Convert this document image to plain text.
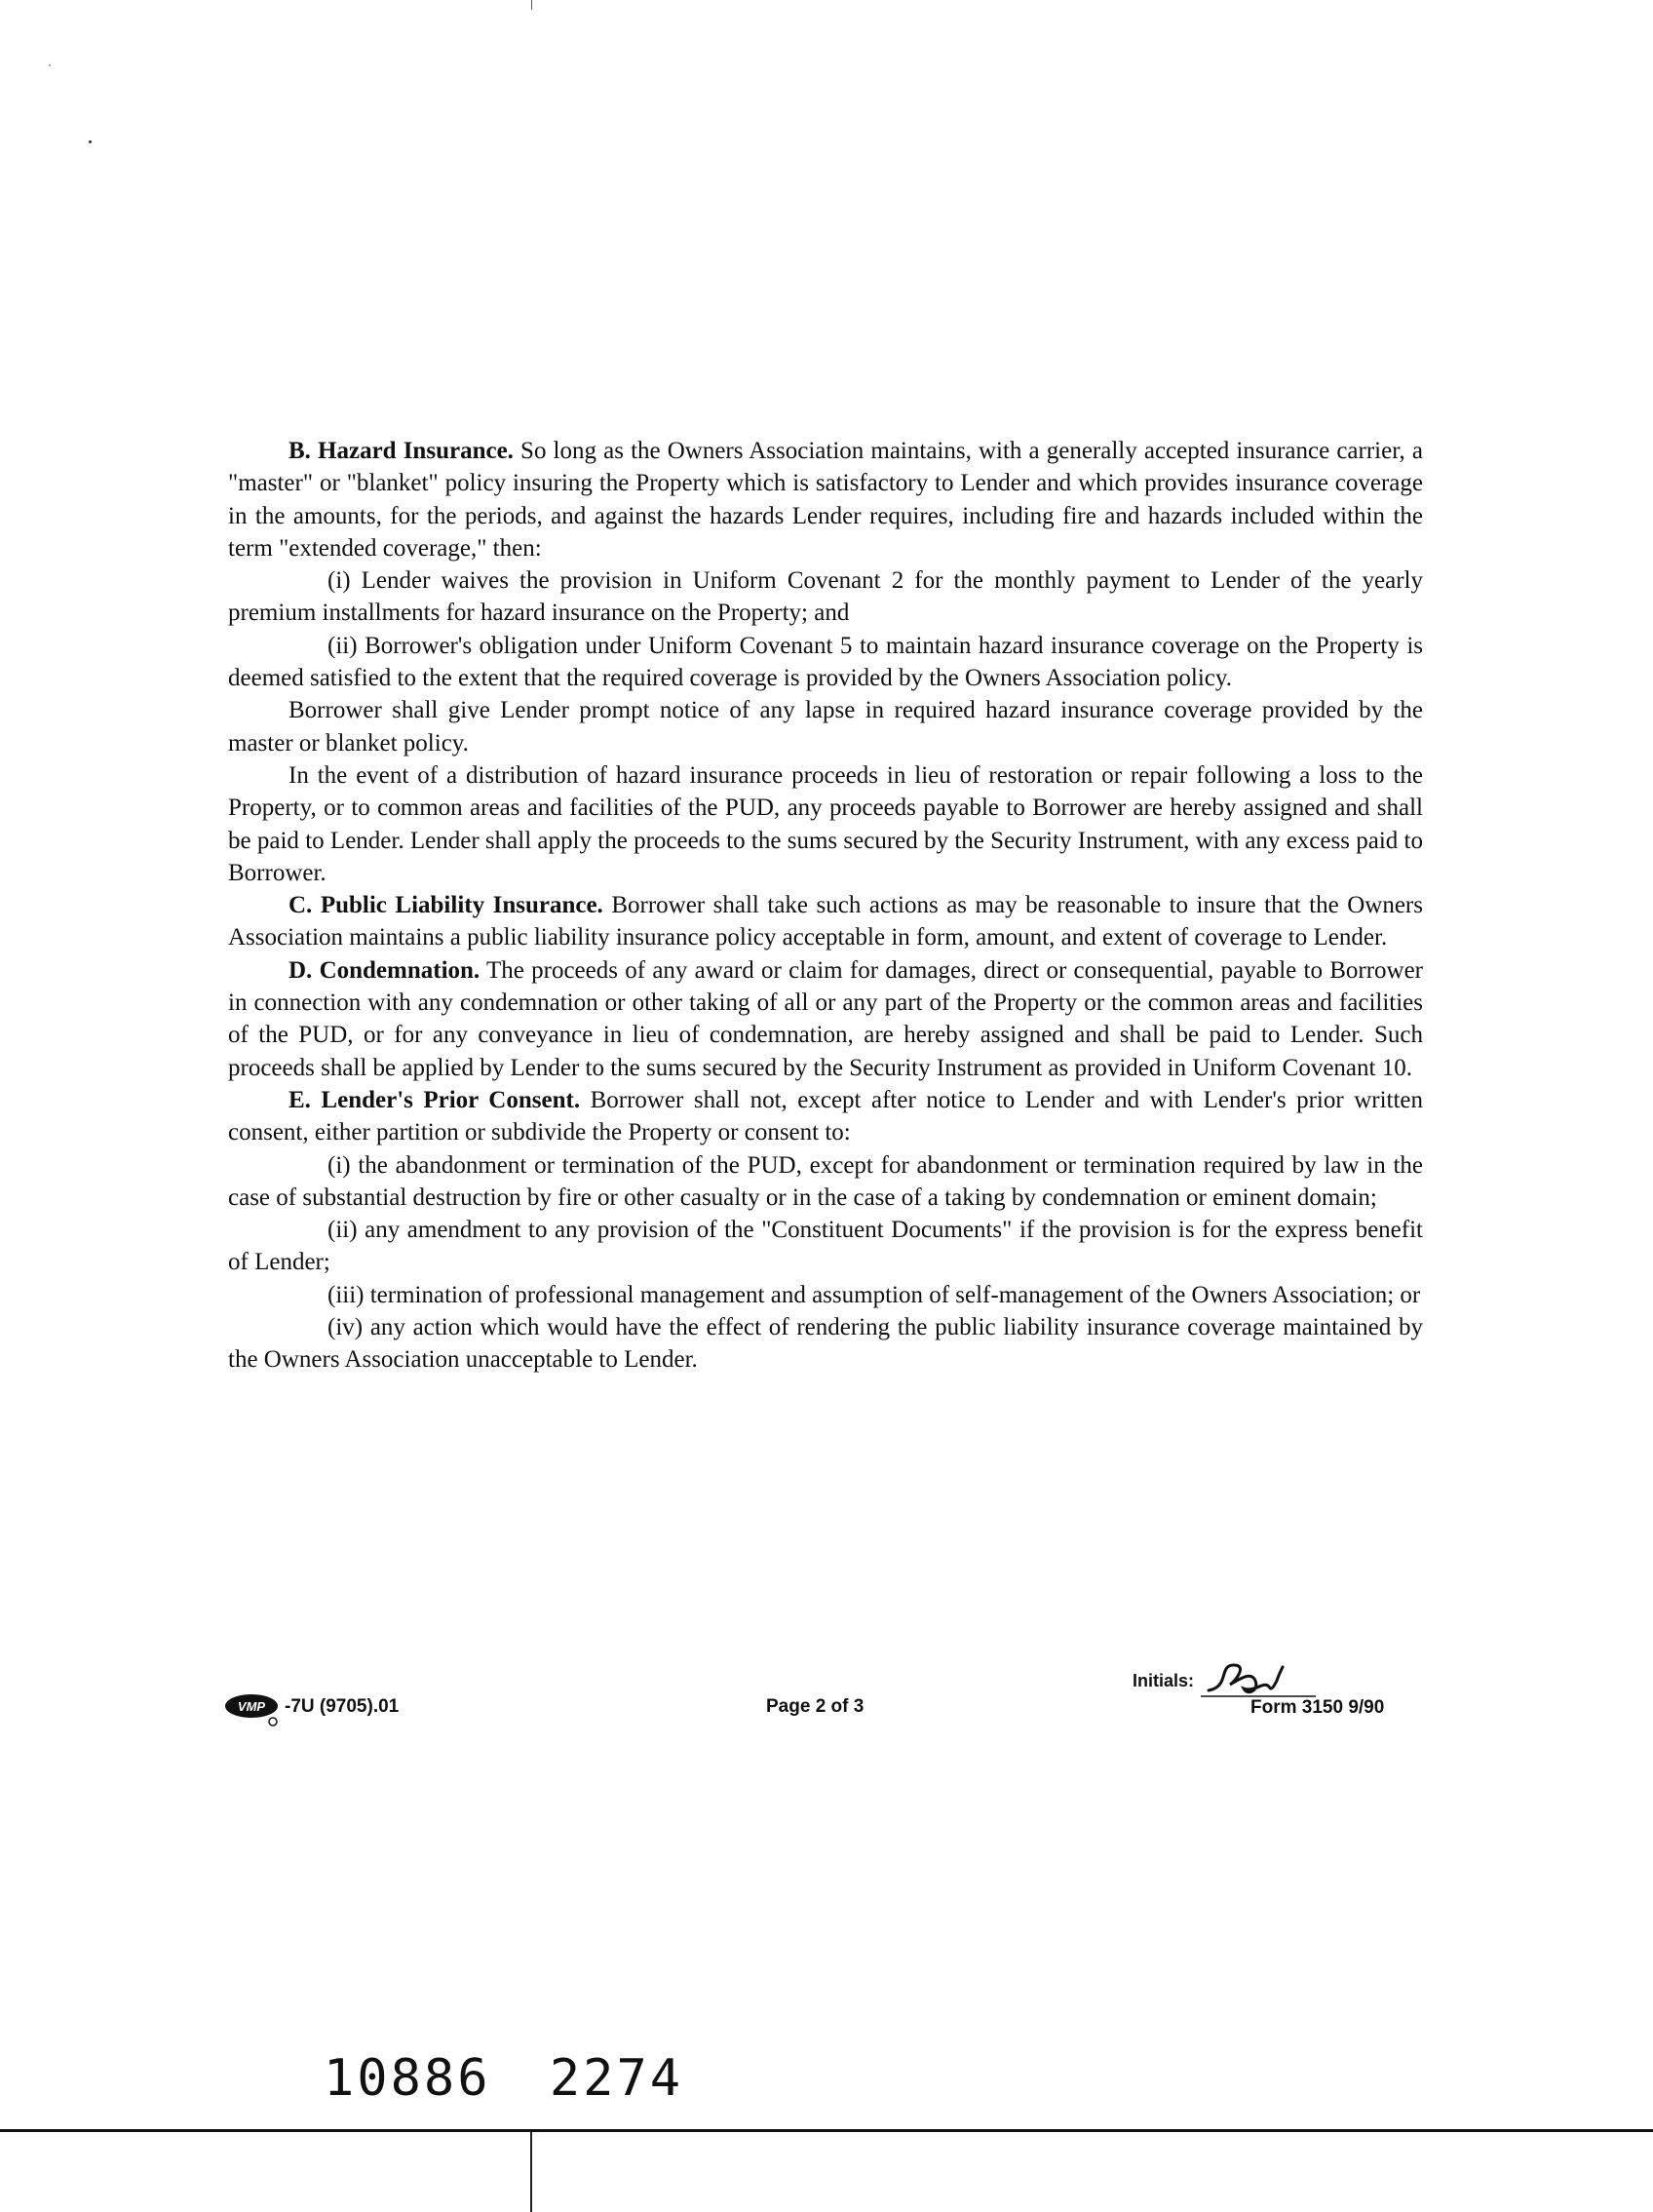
B. Hazard Insurance. So long as the Owners Association maintains, with a generally accepted insurance carrier, a "master" or "blanket" policy insuring the Property which is satisfactory to Lender and which provides insurance coverage in the amounts, for the periods, and against the hazards Lender requires, including fire and hazards included within the term "extended coverage," then:

(i) Lender waives the provision in Uniform Covenant 2 for the monthly payment to Lender of the yearly premium installments for hazard insurance on the Property; and

(ii) Borrower's obligation under Uniform Covenant 5 to maintain hazard insurance coverage on the Property is deemed satisfied to the extent that the required coverage is provided by the Owners Association policy.

Borrower shall give Lender prompt notice of any lapse in required hazard insurance coverage provided by the master or blanket policy.

In the event of a distribution of hazard insurance proceeds in lieu of restoration or repair following a loss to the Property, or to common areas and facilities of the PUD, any proceeds payable to Borrower are hereby assigned and shall be paid to Lender. Lender shall apply the proceeds to the sums secured by the Security Instrument, with any excess paid to Borrower.

C. Public Liability Insurance. Borrower shall take such actions as may be reasonable to insure that the Owners Association maintains a public liability insurance policy acceptable in form, amount, and extent of coverage to Lender.

D. Condemnation. The proceeds of any award or claim for damages, direct or consequential, payable to Borrower in connection with any condemnation or other taking of all or any part of the Property or the common areas and facilities of the PUD, or for any conveyance in lieu of condemnation, are hereby assigned and shall be paid to Lender. Such proceeds shall be applied by Lender to the sums secured by the Security Instrument as provided in Uniform Covenant 10.

E. Lender's Prior Consent. Borrower shall not, except after notice to Lender and with Lender's prior written consent, either partition or subdivide the Property or consent to:

(i) the abandonment or termination of the PUD, except for abandonment or termination required by law in the case of substantial destruction by fire or other casualty or in the case of a taking by condemnation or eminent domain;

(ii) any amendment to any provision of the "Constituent Documents" if the provision is for the express benefit of Lender;

(iii) termination of professional management and assumption of self-management of the Owners Association; or

(iv) any action which would have the effect of rendering the public liability insurance coverage maintained by the Owners Association unacceptable to Lender.

VMP -7U (9705).01	Page 2 of 3
Initials:
Form 3150 9/90
10886 2274
